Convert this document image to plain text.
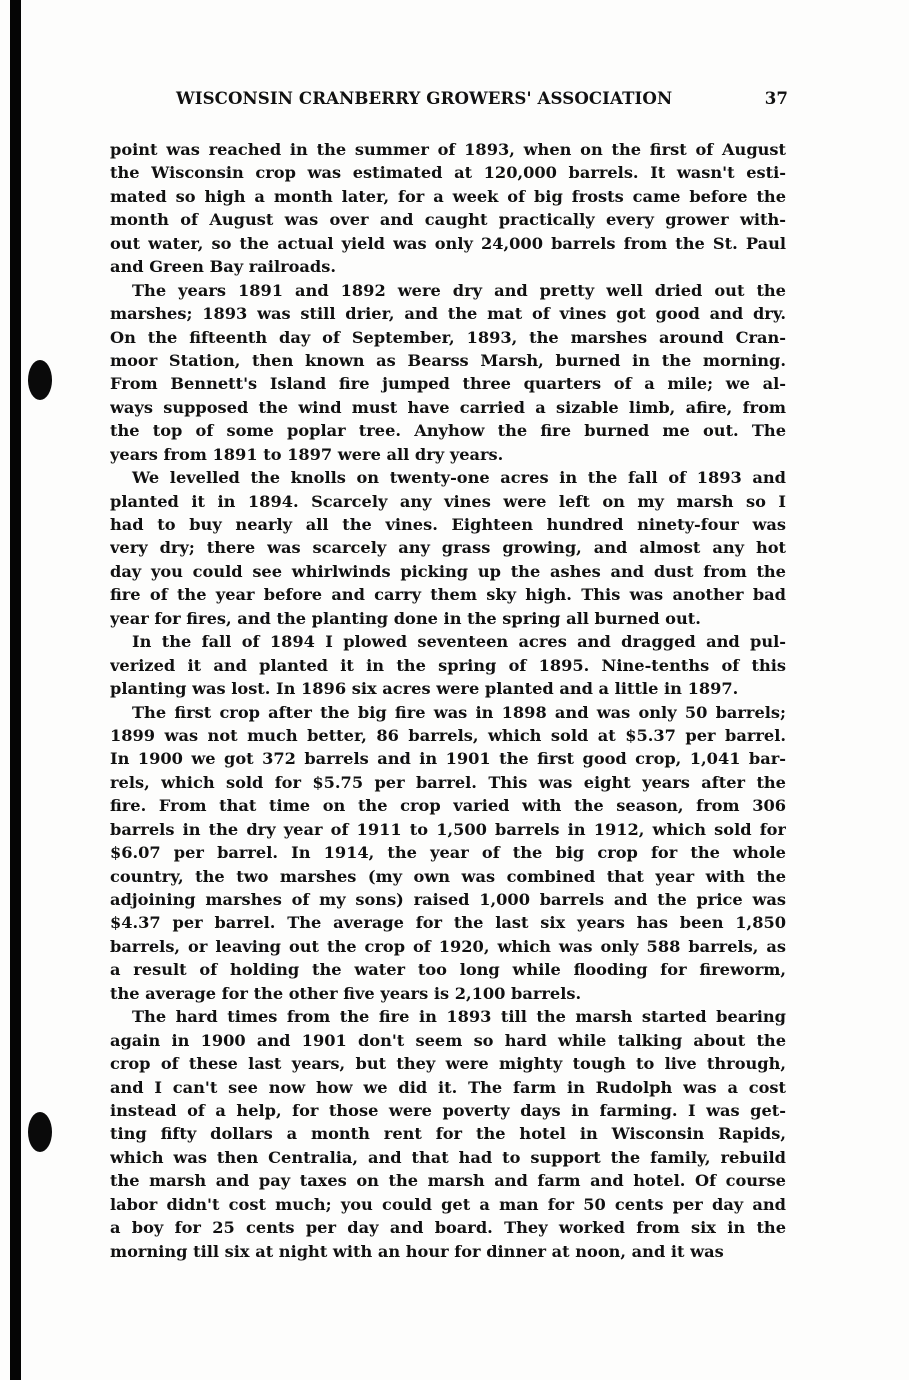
WISCONSIN CRANBERRY GROWERS' ASSOCIATION	37
point was reached in the summer of 1893, when on the first of August
the Wisconsin crop was estimated at 120,000 barrels. It wasn't esti-
mated so high a month later, for a week of big frosts came before the
month of August was over and caught practically every grower with-
out water, so the actual yield was only 24,000 barrels from the St. Paul
and Green Bay railroads.
The years 1891 and 1892 were dry and pretty well dried out the
marshes; 1893 was still drier, and the mat of vines got good and dry.
On the fifteenth day of September, 1893, the marshes around Cran-
moor Station, then known as Bearss Marsh, burned in the morning.
From Bennett's Island fire jumped three quarters of a mile; we al-
ways supposed the wind must have carried a sizable limb, afire, from
the top of some poplar tree. Anyhow the fire burned me out. The
years from 1891 to 1897 were all dry years.
We levelled the knolls on twenty-one acres in the fall of 1893 and
planted it in 1894. Scarcely any vines were left on my marsh so I
had to buy nearly all the vines. Eighteen hundred ninety-four was
very dry; there was scarcely any grass growing, and almost any hot
day you could see whirlwinds picking up the ashes and dust from the
fire of the year before and carry them sky high. This was another bad
year for fires, and the planting done in the spring all burned out.
In the fall of 1894 I plowed seventeen acres and dragged and pul-
verized it and planted it in the spring of 1895. Nine-tenths of this
planting was lost. In 1896 six acres were planted and a little in 1897.
The first crop after the big fire was in 1898 and was only 50 barrels;
1899 was not much better, 86 barrels, which sold at $5.37 per barrel.
In 1900 we got 372 barrels and in 1901 the first good crop, 1,041 bar-
rels, which sold for $5.75 per barrel. This was eight years after the
fire. From that time on the crop varied with the season, from 306
barrels in the dry year of 1911 to 1,500 barrels in 1912, which sold for
$6.07 per barrel. In 1914, the year of the big crop for the whole
country, the two marshes (my own was combined that year with the
adjoining marshes of my sons) raised 1,000 barrels and the price was
$4.37 per barrel. The average for the last six years has been 1,850
barrels, or leaving out the crop of 1920, which was only 588 barrels, as
a result of holding the water too long while flooding for fireworm,
the average for the other five years is 2,100 barrels.
The hard times from the fire in 1893 till the marsh started bearing
again in 1900 and 1901 don't seem so hard while talking about the
crop of these last years, but they were mighty tough to live through,
and I can't see now how we did it. The farm in Rudolph was a cost
instead of a help, for those were poverty days in farming. I was get-
ting fifty dollars a month rent for the hotel in Wisconsin Rapids,
which was then Centralia, and that had to support the family, rebuild
the marsh and pay taxes on the marsh and farm and hotel. Of course
labor didn't cost much; you could get a man for 50 cents per day and
a boy for 25 cents per day and board. They worked from six in the
morning till six at night with an hour for dinner at noon, and it was
